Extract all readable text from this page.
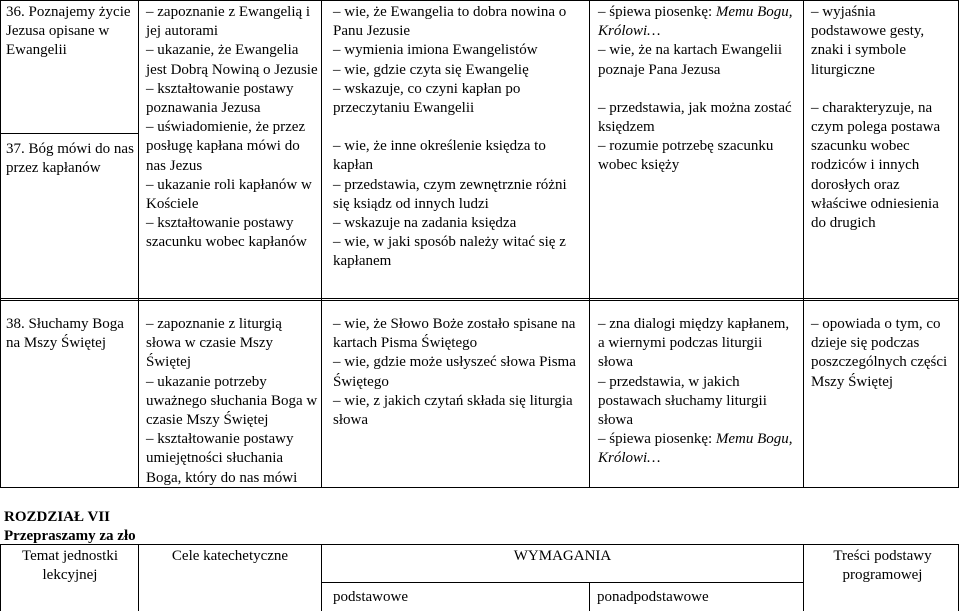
36. Poznajemy życie Jezusa opisane w Ewangelii
37. Bóg mówi do nas przez kapłanów
– zapoznanie z Ewangelią i jej autorami
– ukazanie, że Ewangelia jest Dobrą Nowiną o Jezusie
– kształtowanie postawy poznawania Jezusa
– uświadomienie, że przez posługę kapłana mówi do nas Jezus
– ukazanie roli kapłanów w Kościele
– kształtowanie postawy szacunku wobec kapłanów
– wie, że Ewangelia to dobra nowina o Panu Jezusie
– wymienia imiona Ewangelistów
– wie, gdzie czyta się Ewangelię
– wskazuje, co czyni kapłan po przeczytaniu Ewangelii
– wie, że inne określenie księdza to kapłan
– przedstawia, czym zewnętrznie różni się ksiądz od innych ludzi
– wskazuje na zadania księdza
– wie, w jaki sposób należy witać się z kapłanem
– śpiewa piosenkę: Memu Bogu, Królowi…
– wie, że na kartach Ewangelii poznaje Pana Jezusa
– przedstawia, jak można zostać księdzem
– rozumie potrzebę szacunku wobec księży
– wyjaśnia podstawowe gesty, znaki i symbole liturgiczne
– charakteryzuje, na czym polega postawa szacunku wobec rodziców i innych dorosłych oraz właściwe odniesienia do drugich
38. Słuchamy Boga na Mszy Świętej
– zapoznanie z liturgią słowa w czasie Mszy Świętej
– ukazanie potrzeby uważnego słuchania Boga w czasie Mszy Świętej
– kształtowanie postawy umiejętności słuchania Boga, który do nas mówi
– wie, że Słowo Boże zostało spisane na kartach Pisma Świętego
– wie, gdzie może usłyszeć słowa Pisma Świętego
– wie, z jakich czytań składa się liturgia słowa
– zna dialogi między kapłanem, a wiernymi podczas liturgii słowa
– przedstawia, w jakich postawach słuchamy liturgii słowa
– śpiewa piosenkę: Memu Bogu, Królowi…
– opowiada o tym, co dzieje się podczas poszczególnych części Mszy Świętej
ROZDZIAŁ VII
Przepraszamy za zło
Temat jednostki lekcyjnej
Cele katechetyczne	WYMAGANIA
podstawowe	ponadpodstawowe
Treści podstawy programowej
